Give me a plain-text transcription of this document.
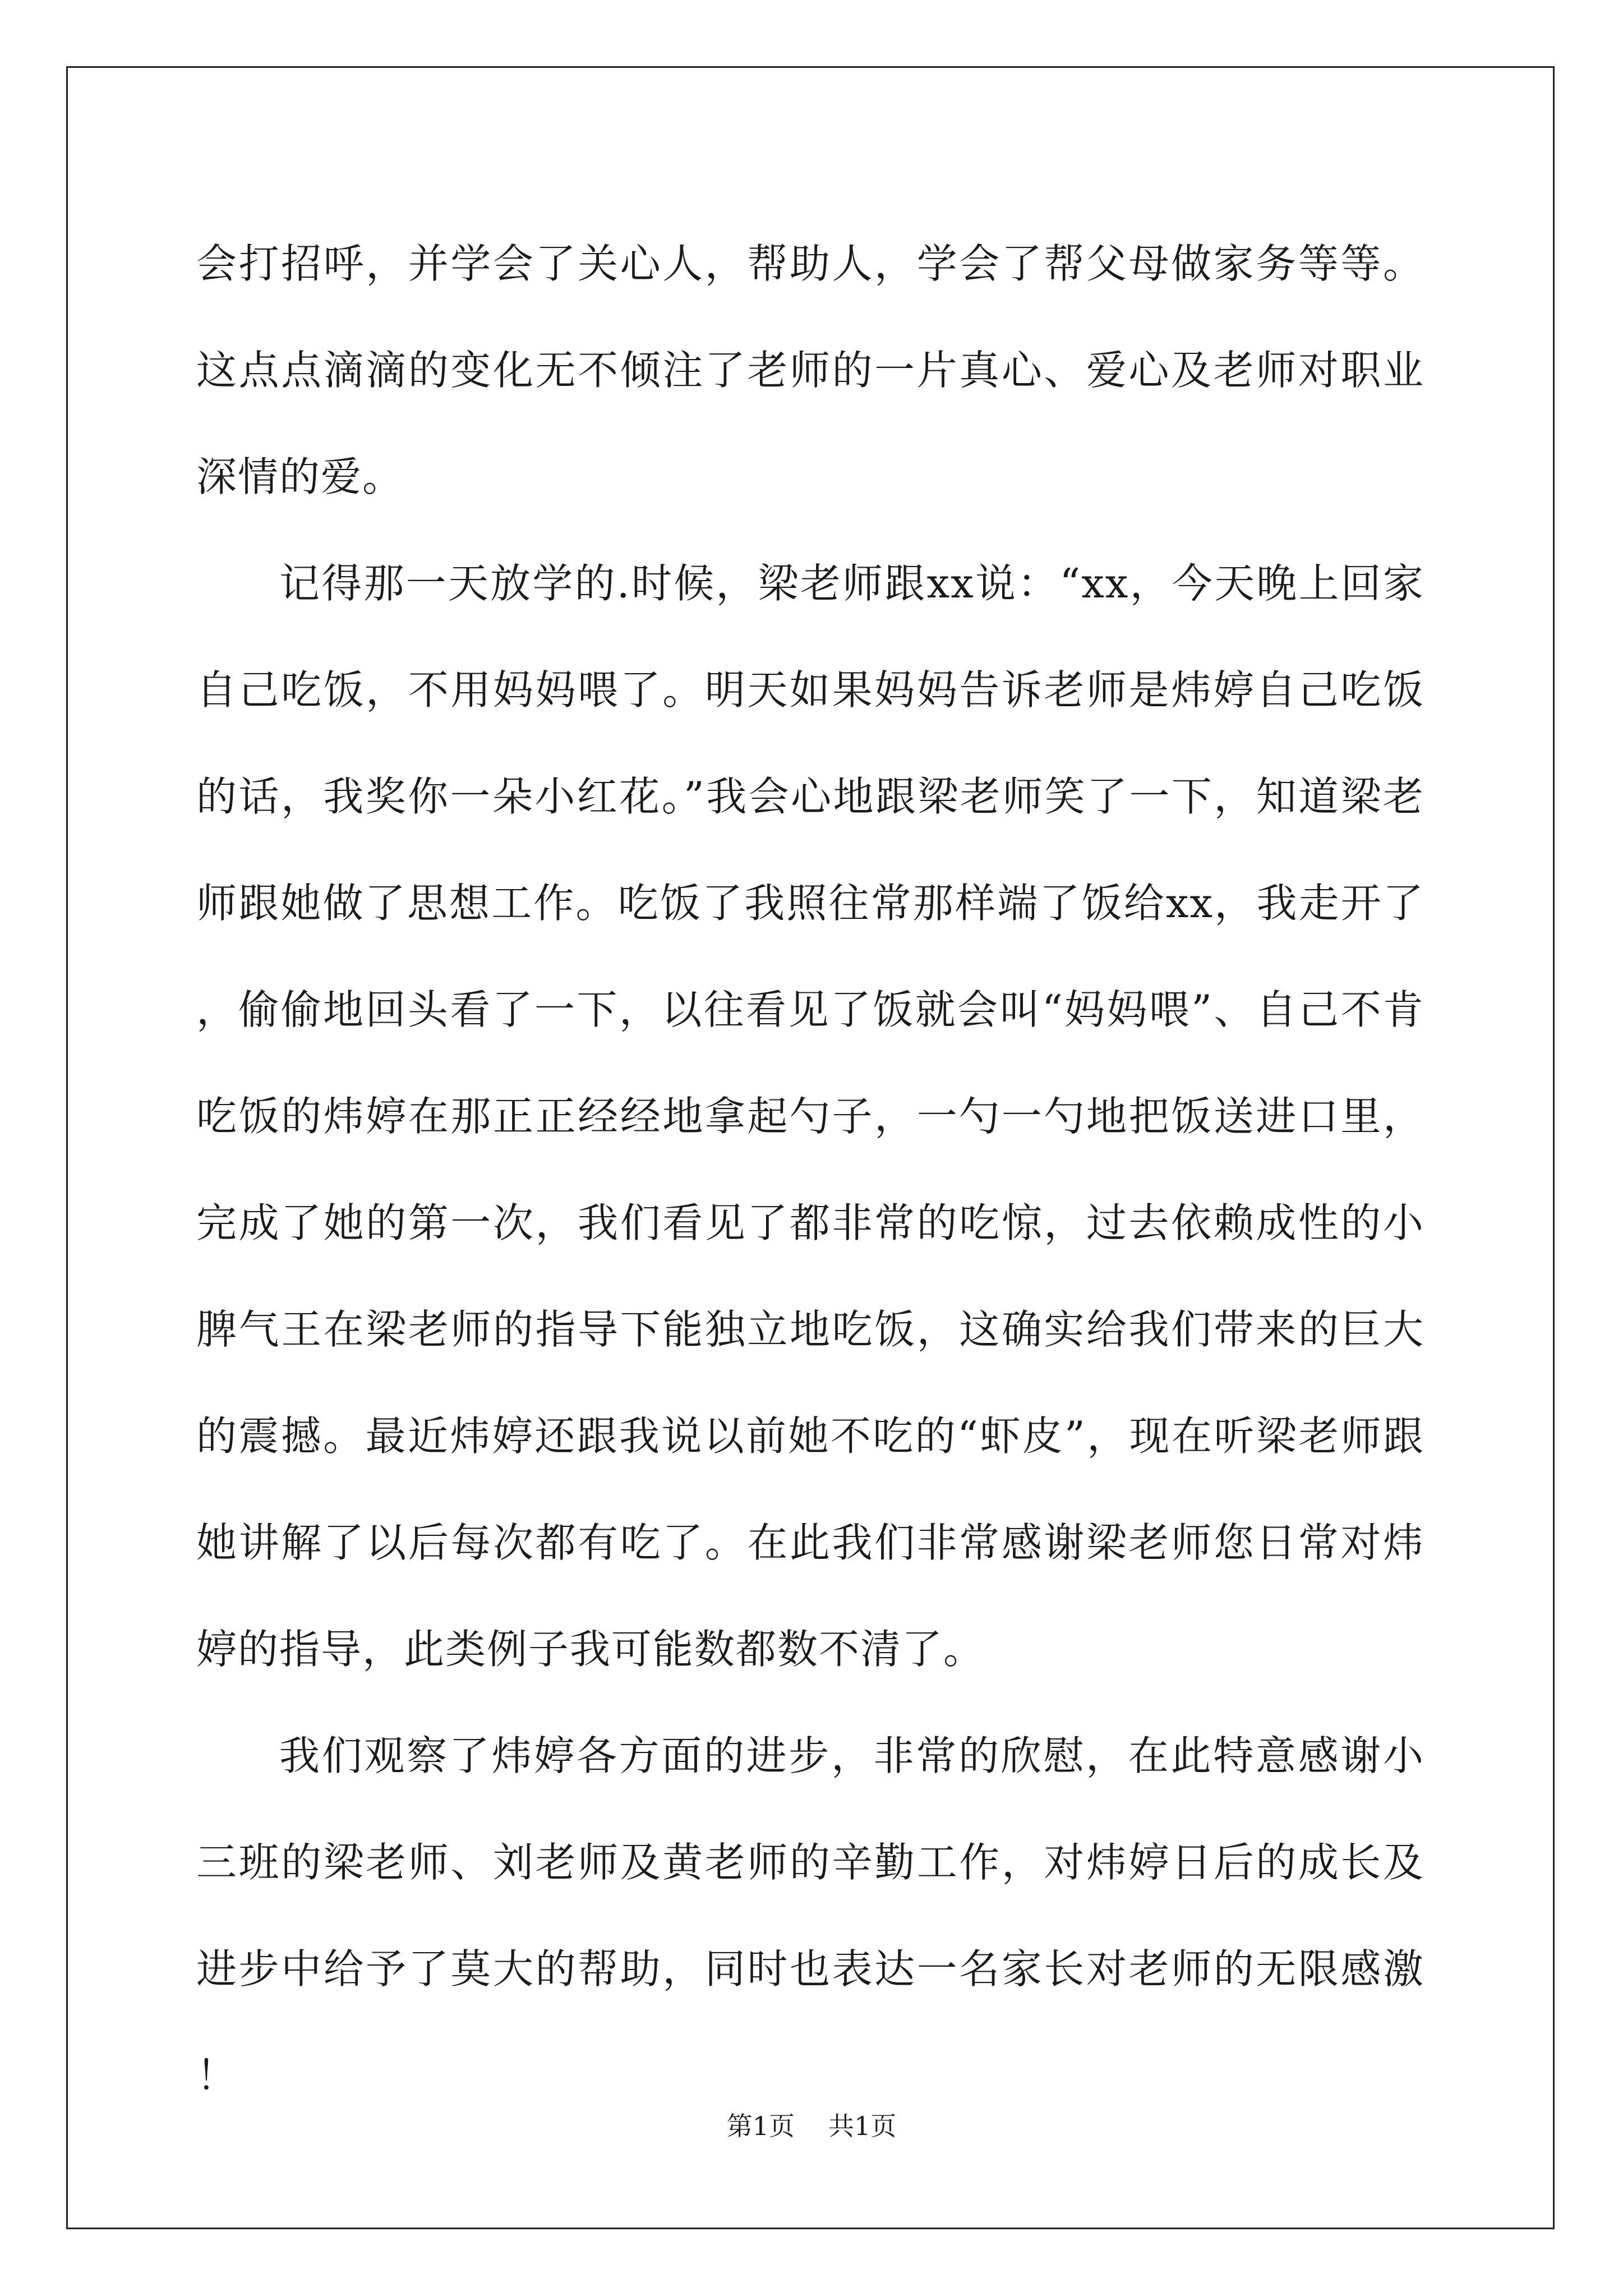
会打招呼，并学会了关心人，帮助人，学会了帮父母做家务等等。这点点滴滴的变化无不倾注了老师的一片真心、爱心及老师对职业深情的爱。

记得那一天放学的.时候，梁老师跟xx说：“xx，今天晚上回家自己吃饭，不用妈妈喂了。明天如果妈妈告诉老师是炜婷自己吃饭的话，我奖你一朵小红花。”我会心地跟梁老师笑了一下，知道梁老师跟她做了思想工作。吃饭了我照往常那样端了饭给xx，我走开了，偷偷地回头看了一下，以往看见了饭就会叫“妈妈喂”、自己不肯吃饭的炜婷在那正正经经地拿起勺子，一勺一勺地把饭送进口里，完成了她的第一次，我们看见了都非常的吃惊，过去依赖成性的小脾气王在梁老师的指导下能独立地吃饭，这确实给我们带来的巨大的震撼。最近炜婷还跟我说以前她不吃的“虾皮”，现在听梁老师跟她讲解了以后每次都有吃了。在此我们非常感谢梁老师您日常对炜婷的指导，此类例子我可能数都数不清了。

我们观察了炜婷各方面的进步，非常的欣慰，在此特意感谢小三班的梁老师、刘老师及黄老师的辛勤工作，对炜婷日后的成长及进步中给予了莫大的帮助，同时也表达一名家长对老师的无限感激！

第1页 共1页
